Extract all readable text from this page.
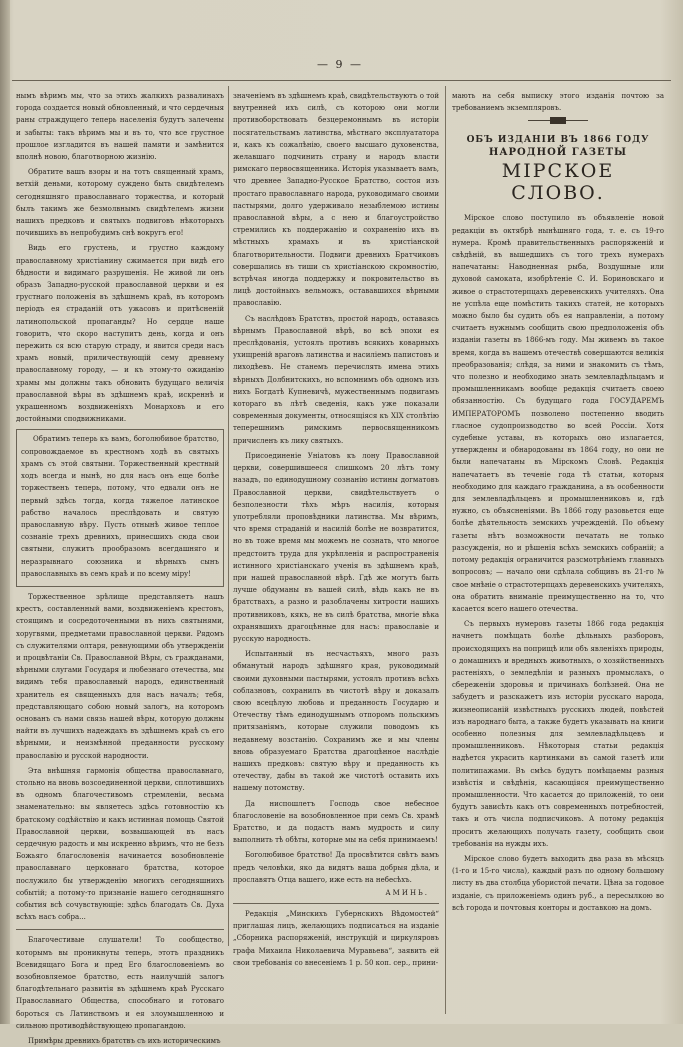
— 9 —

нымъ вѣримъ мы, что за этихъ жалкихъ развалинахъ города создается новый обновленный, и что сердечныя раны страждущего теперь населенія будутъ залечены и забыты: такъ вѣримъ мы и въ то, что все грустное прошлое изгладится въ нашей памяти и замѣнится вполнѣ новою, благотворною жизнію.

Обратите вашъ взоры и на тотъ священный храмъ, ветхій деньми, которому суждено быть свидѣтелемъ сегодняшняго православнаго торжества, и который былъ такимъ же безмолвнымъ свидѣтелемъ жизни нашихъ предковъ и святыхъ подвиговъ нѣкоторыхъ почившихъ въ непробудимъ снѣ вокругъ его!

Видь его грустень, и грустно каждому православному христіанину сжимается при видѣ его бѣдности и видимаго разрушенія. Не живой ли онъ образъ Западно-русской православной церкви и ея грустнаго положенія въ здѣшнемъ краѣ, въ которомъ періодъ ея страданій отъ ужасовъ и притѣсненій латинопольской пропаганды? Но сердце наше говоритъ, что скоро наступитъ день, когда и онъ пережить ся всю старую страду, и явится среди насъ храмъ новый, приличествующій сему древнему православному городу, — и къ этому-то ожиданію храмы мы должны такъ обновить будущаго величія православной вѣры въ здѣшнемъ краѣ, искреннѣ и украшенномъ воздвиженіяхъ Монарховъ и его достойными сподвижниками.

Обратимъ теперь къ вамъ, боголюбивое братство, сопровождаемое въ крестномъ ходѣ въ святыхъ храмъ съ этой святыни. Торжественный крестный ходъ всегда и нынѣ, но для насъ онъ еще болѣе торжественъ теперь, потому, что едвали онъ не первый здѣсь тогда, когда тяжелое латинское рабство началось преслѣдовать и святую православную вѣру. Пусть отнынѣ живое теплое сознаніе трехъ древнихъ, принесшихъ сюда свои святыни, служитъ прообразомъ всегдашняго и неразрывнаго союзника и вѣрныхъ сынъ православныхъ въ семъ краѣ и по всему міру!

Торжественное зрѣлище представляетъ нашъ крестъ, составленный вами, воздвиженіемъ крестовъ, стоящимъ и сосредоточенными въ нихъ святынями, хоругвями, предметами православной церкви. Рядомъ съ служителями олтаря, ревнующими объ утвержденіи и процвѣтаніи Св. Православной Вѣры, съ гражданами, вѣрными слугами Государя и любезнаго отечества, мы видимъ тебя православный народъ, единственный хранитель ея священныхъ для насъ началъ; тебя, представляющаго собою новый залогъ, на которомъ основанъ съ нами связь нашей вѣры, которую должны найти въ лучшихъ надеждахъ въ здѣшнемъ краѣ съ его вѣрными, и неизмѣнной преданности русскому православію и русской народности.

Эта внѣшняя гармонія общества православнаго, стольно на вновь возсоединенной церкви, сплотившихъ въ одномъ благочестивомъ стремленіи, весьма знаменательно: вы являетесь здѣсь готовностію къ братскому содѣйствію и какъ истинная помощь Святой Православной церкви, возвышающей въ насъ сердечную радость и мы искренно вѣримъ, что не безъ Божьяго благословенія начинается возобновленіе православнаго церковнаго братства, которое послужило бы утвержденію многихъ сегодняшнихъ событій; а потому-то признаніе нашего сегодняшняго события всѣ сочувствующіе: здѣсь благодать Св. Духа всѣхъ насъ собра...

Благочестивые слушатели! То сообщество, которымъ вы проникнуты теперь, этотъ праздникъ Всевидящаго Бога и пред Его благословеніемъ во возобновляемое братство, есть наилучшій залогъ благодѣтельнаго развитія въ здѣшнемъ краѣ Русскаго Православнаго Общества, способнаго и готоваго бороться съ Латинствомъ и ея злоумышленною и сильною противодѣйствующею пропагандою.

Примѣры древнихъ братствъ съ ихъ историческимъ

значеніемъ въ здѣшнемъ краѣ, свидѣтельствуютъ о той внутренней ихъ силѣ, съ которою они могли противоборствовать безцеремоннымъ въ исторіи посягательствамъ латинства, мѣстнаго эксплуататора и, какъ къ сожалѣнію, своего высшаго духовенства, желавшаго подчинить страну и народъ власти римскаго первосвященника. Исторія указываетъ вамъ, что древнее Западно-Русское Братство, состоя изъ простаго православнаго народа, руководимаго своими пастырями, долго удерживало незыблемою истины православной вѣры, а с нею и благоустройство стремились къ поддержанію и сохраненію ихъ въ мѣстныхъ храмахъ и въ христіанской благотворительности. Подвиги древнихъ Братчиковъ совершались въ тиши съ христіанскою скромностію, встрѣчая иногда поддержку и покровительство въ лицѣ достойныхъ вельможъ, остававшихся вѣрными православію.

Съ наслѣдовъ Братствъ, простой народъ, оставаясь вѣрнымъ Православной вѣрѣ, во всѣ эпохи ея преслѣдованія, устоялъ противъ всякихъ коварныхъ ухищреній враговъ латинства и насиліемъ папистовъ и лиходѣевъ. Не станемъ перечислять имена этихъ вѣрныхъ Долбнитскихъ, но вспомнимъ объ одномъ изъ нихъ Богдатѣ Купневичѣ, мужественнымъ подвигамъ котораго въ лѣтѣ сведенія, какъ уже показали современныя документы, относящіяся къ XIX столѣтію теперешнимъ римскимъ первосвященникомъ причисленъ къ лику святыхъ.

Присоединеніе Уніатовъ къ лону Православной церкви, совершившееся слишкомъ 20 лѣтъ тому назадъ, по единодушному сознанію истины догматовъ Православной церкви, свидѣтельствуетъ о безполезности тѣхъ мѣръ насилія, которыя употребляли проповѣдники латинства. Мы вѣримъ, что время страданій и насилій болѣе не возвратится, но въ тоже время мы можемъ не сознать, что многое предстоитъ труда для укрѣпленія и распространенія истинного христіанскаго ученія въ здѣшнемъ краѣ, при нашей православной вѣрѣ. Гдѣ же могутъ быть лучше обдуманы въ вашей силѣ, вѣдь какъ не въ братствахъ, а разно и разоблачены хитрости нашихъ противниковъ, кякъ, не въ силѣ братства, многіе вѣка охранявшихъ драгоцѣнные для насъ: православіе и русскую народность.

Испытанный въ несчастьяхъ, много разъ обманутый народъ здѣшняго края, руководимый своими духовными пастырями, устоялъ противъ всѣхъ соблазновъ, сохранилъ въ чистотѣ вѣру и доказалъ свою всецѣлую любовь и преданность Государю и Отечеству тѣмъ единодушнымъ отпоромъ польскимъ притязаніямъ, которые служили поводомъ къ недавнему возстанію. Сохранимъ же и мы члены вновь образуемаго Братства драгоцѣнное наслѣдіе нашихъ предковъ: святую вѣру и преданность къ отечеству, дабы въ такой же чистотѣ оставить ихъ нашему потомству.

Да ниспошлетъ Господь свое небесное благословеніе на возобновленное при семъ Св. храмѣ Братство, и да подастъ намъ мудрость и силу выполнить тѣ обѣты, которые мы на себя принимаемъ!

Боголюбивое братство! Да просвѣтится свѣтъ вамъ предъ человѣки, яко да видятъ ваша добрыя дѣла, и прославятъ Отца вашего, иже есть на небесѣхъ.

АМИНЬ.

Редакція „Минскихъ Губернскихъ Вѣдомостей“ приглашая лицъ, желающихъ подписаться на изданіе „Сборника распоряженій, инструкцій и циркуляровъ графа Михаила Николаевича Муравьева“, заявить ей свои требованія со внесеніемъ 1 р. 50 коп. сер., прини-

мають на себя выписку этого изданія почтою за требованиемъ экземпляровъ.

ОБЪ ИЗДАНІИ ВЪ 1866 ГОДУ
НАРОДНОЙ ГАЗЕТЫ
МІРСКОЕ СЛОВО.

Мірское слово поступило въ объявленіе новой редакціи въ октябрѣ нынѣшняго года, т. е. съ 19-го нумера. Кромѣ правительственныхъ распоряженій и свѣдѣній, въ вышедшихъ съ того трехъ нумерахъ напечатаны: Наводненная рыба, Воздушные или духовой самоката, изобрѣтеніе С. И. Бориновскаго и живое о страстотерпцахъ деревенскихъ учителяхъ. Она не успѣла еще помѣстить такихъ статей, не которыхъ можно было бы судить объ ея направленіи, а потому считаетъ нужнымъ сообщить свою предположенія объ изданіи газеты въ 1866-мъ году. Мы живемъ въ такое время, когда въ нашемъ отечествѣ совершаются великія преобразованія; слѣдя, за ними и знакомить съ тѣмъ, что полезно и необходимо знать землевладѣльцамъ и промышленникамъ вообще редакція считаетъ своею обязанностію. Съ будущаго года ГОСУДАРЕМЪ ИМПЕРАТОРОМЪ позволено постепенно вводить гласное судопроизводство во всей Россіи. Хотя судебные уставы, въ которыхъ оно излагается, утверждены и обнародованы въ 1864 году, но они не были напечатаны въ Мірскомъ Словѣ. Редакція напечатаетъ въ теченіе года тѣ статьи, которыя необходимо для каждаго гражданина, а въ особенности для землевладѣльцевъ и промышленниковъ и, гдѣ нужно, съ объясненіями. Въ 1866 году разовьется еще болѣе дѣятельность земскихъ учрежденій. По объему газеты нѣтъ возможности печатать не только разсужденія, но и рѣшенія всѣхъ земскихъ собраній; а потому редакція ограничится разсмотрѣніемъ главныхъ вопросовъ; — начало они сдѣлала собщивъ въ 21-го № свое мнѣніе о страстотерпцахъ деревенскихъ учителяхъ, она обратить вниманіе преимущественно на то, что касается всего нашего отечества.

Съ первыхъ нумеровъ газеты 1866 года редакція начнетъ помѣщать болѣе дѣльныхъ разборовъ, происходящихъ на поприщѣ или объ явленіяхъ природы, о домашнихъ и вредныхъ животныхъ, о хозяйственныхъ растеніяхъ, о земледѣліи и разныхъ промыслахъ, о сбереженіи здоровья и причинахъ болѣзней. Она не забудетъ и разскажетъ изъ исторіи русскаго народа, жизнеописаній извѣстныхъ русскихъ людей, повѣстей изъ народнаго быта, а также будетъ указывать на книги особенно полезныя для землевладѣльцевъ и промышленниковъ. Нѣкоторыя статьи редакція надѣется украсить картинками въ самой газетѣ или политипажами. Въ смѣсь будутъ помѣщаемы разныя извѣстія и свѣдѣнія, касающіяся преимущественно промышленности. Что касается до приложеній, то они будутъ зависѣть какъ отъ современныхъ потребностей, такъ и отъ числа подписчиковъ. А потому редакція проситъ желающихъ получать газету, сообщить свои требованія на нужды ихъ.

Мірское слово будетъ выходить два раза въ мѣсяцъ (1-го и 15-го числа), каждый разъ по одному большому листу въ два столбца убористой печати. Цѣна за годовое изданіе, съ приложеніемъ одинъ руб., а пересылкою во всѣ города и почтовыя конторы и доставкою на домъ.
